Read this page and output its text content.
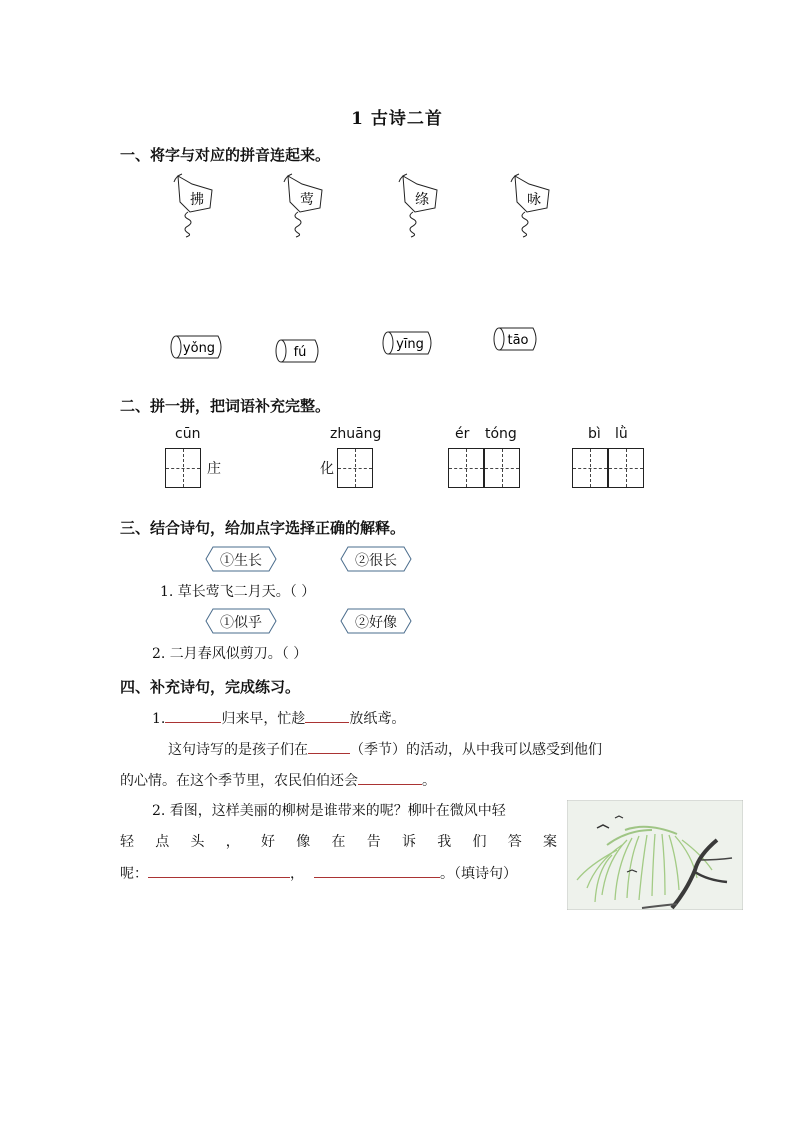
1 古诗二首
一、将字与对应的拼音连起来。
拂	莺	绦	咏
yǒng	fú
yīng	tāo
二、拼一拼，把词语补充完整。
cūn
庄
zhuāng
化
ér tóng	bì lǜ
三、结合诗句，给加点字选择正确的解释。
①生长	②很长
1. 草长莺飞二月天。（ ）
①似乎	②好像
2. 二月春风似剪刀。（ ）
四、补充诗句，完成练习。
1.	归来早，忙趁	放纸鸢。
这句诗写的是孩子们在	（季节）的活动，从中我可以感受到他们
的心情。在这个季节里，农民伯伯还会	。
2. 看图，这样美丽的柳树是谁带来的呢？柳叶在微风中轻
轻 点 头 ， 好 像 在 告 诉 我 们 答 案
呢：	，	。（填诗句）
